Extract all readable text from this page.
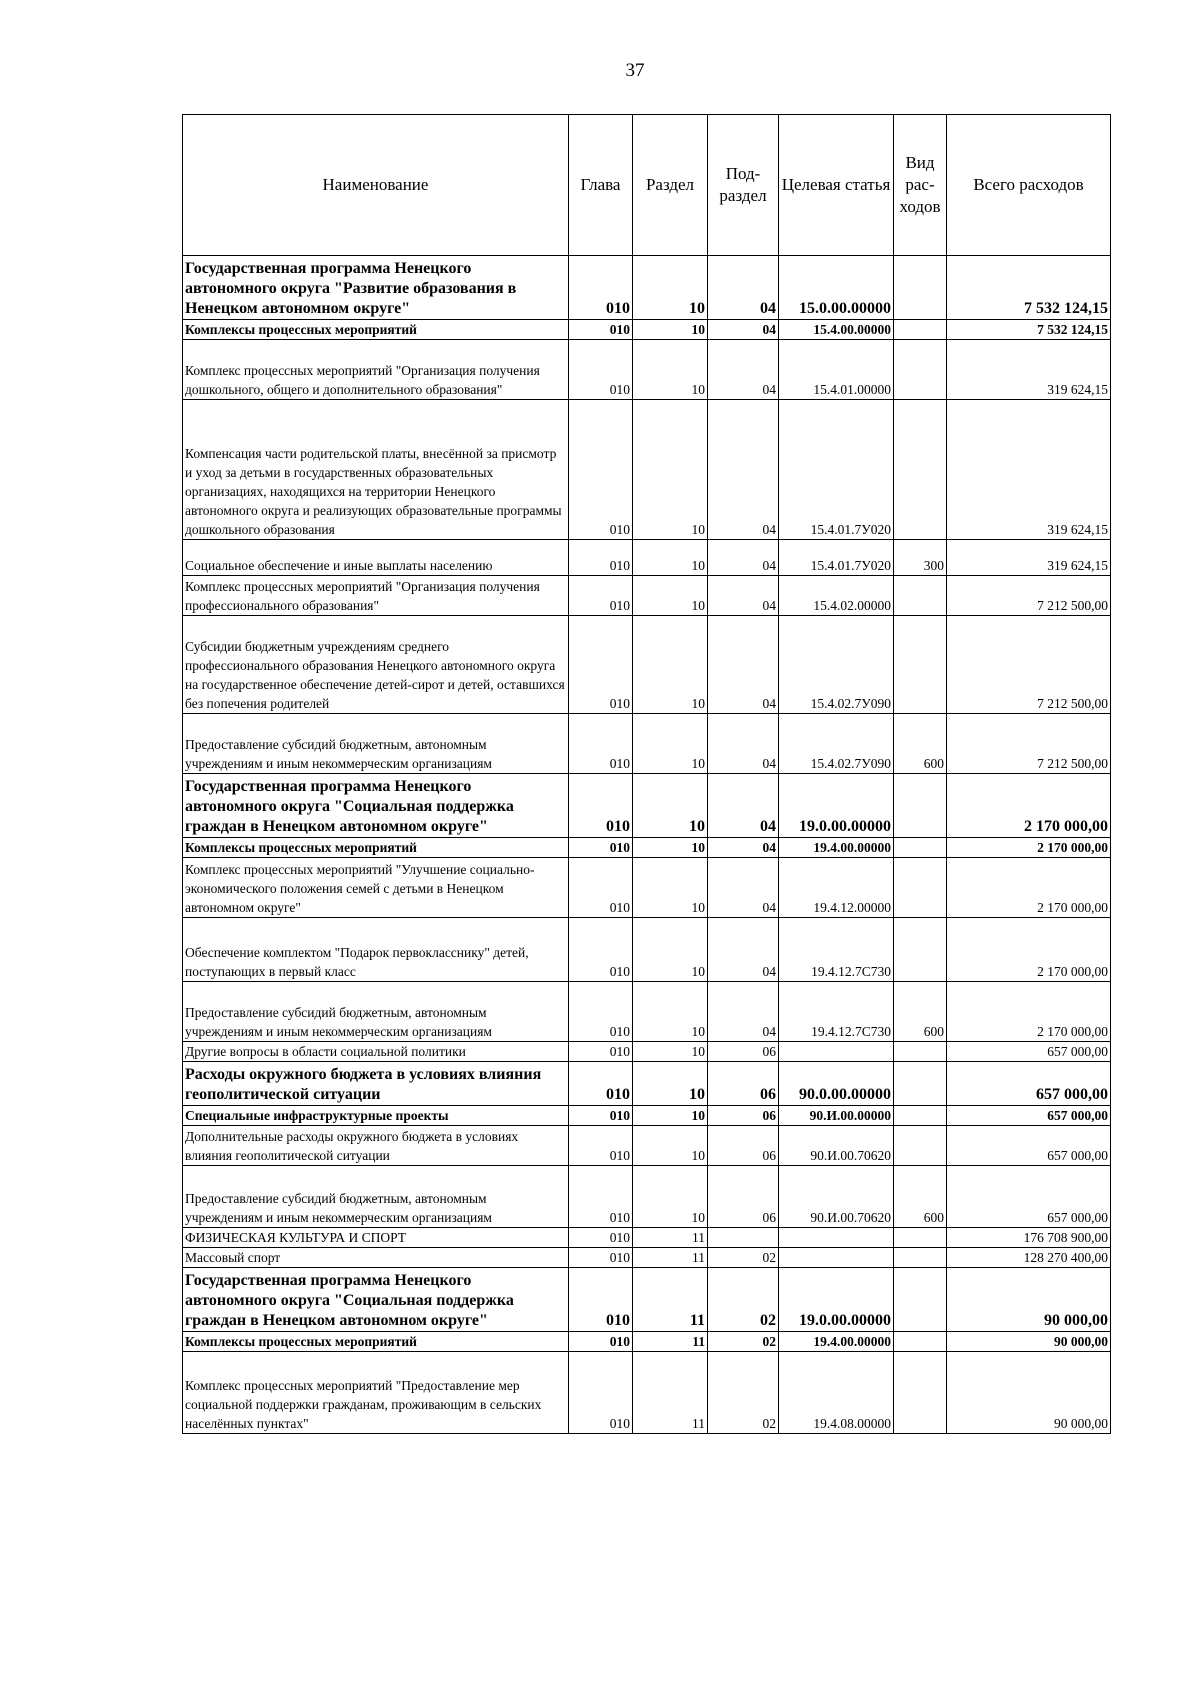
37
Наименование	Глава	Раздел	Под-раздел	Целевая статья	Вид рас-ходов	Всего расходов
Государственная программа Ненецкого автономного округа "Развитие образования в Ненецком автономном округе"	010	10	04	15.0.00.00000		7 532 124,15
Комплексы процессных мероприятий	010	10	04	15.4.00.00000		7 532 124,15
Комплекс процессных мероприятий "Организация получения дошкольного, общего и дополнительного образования"	010	10	04	15.4.01.00000		319 624,15
Компенсация части родительской платы, внесённой за присмотр и уход за детьми в государственных образовательных организациях, находящихся на территории Ненецкого автономного округа и реализующих образовательные программы дошкольного образования	010	10	04	15.4.01.7У020		319 624,15
Социальное обеспечение и иные выплаты населению	010	10	04	15.4.01.7У020	300	319 624,15
Комплекс процессных мероприятий "Организация получения профессионального образования"	010	10	04	15.4.02.00000		7 212 500,00
Субсидии бюджетным учреждениям среднего профессионального образования Ненецкого автономного округа на государственное обеспечение детей-сирот и детей, оставшихся без попечения родителей	010	10	04	15.4.02.7У090		7 212 500,00
Предоставление субсидий бюджетным, автономным учреждениям и иным некоммерческим организациям	010	10	04	15.4.02.7У090	600	7 212 500,00
Государственная программа Ненецкого автономного округа "Социальная поддержка граждан в Ненецком автономном округе"	010	10	04	19.0.00.00000		2 170 000,00
Комплексы процессных мероприятий	010	10	04	19.4.00.00000		2 170 000,00
Комплекс процессных мероприятий "Улучшение социально-экономического положения семей с детьми в Ненецком автономном округе"	010	10	04	19.4.12.00000		2 170 000,00
Обеспечение комплектом "Подарок первокласснику" детей, поступающих в первый класс	010	10	04	19.4.12.7С730		2 170 000,00
Предоставление субсидий бюджетным, автономным учреждениям и иным некоммерческим организациям	010	10	04	19.4.12.7С730	600	2 170 000,00
Другие вопросы в области социальной политики	010	10	06			657 000,00
Расходы окружного бюджета в условиях влияния геополитической ситуации	010	10	06	90.0.00.00000		657 000,00
Специальные инфраструктурные проекты	010	10	06	90.И.00.00000		657 000,00
Дополнительные расходы окружного бюджета в условиях влияния геополитической ситуации	010	10	06	90.И.00.70620		657 000,00
Предоставление субсидий бюджетным, автономным учреждениям и иным некоммерческим организациям	010	10	06	90.И.00.70620	600	657 000,00
ФИЗИЧЕСКАЯ КУЛЬТУРА И СПОРТ	010	11				176 708 900,00
Массовый спорт	010	11	02			128 270 400,00
Государственная программа Ненецкого автономного округа "Социальная поддержка граждан в Ненецком автономном округе"	010	11	02	19.0.00.00000		90 000,00
Комплексы процессных мероприятий	010	11	02	19.4.00.00000		90 000,00
Комплекс процессных мероприятий "Предоставление мер социальной поддержки гражданам, проживающим в сельских населённых пунктах"	010	11	02	19.4.08.00000		90 000,00
